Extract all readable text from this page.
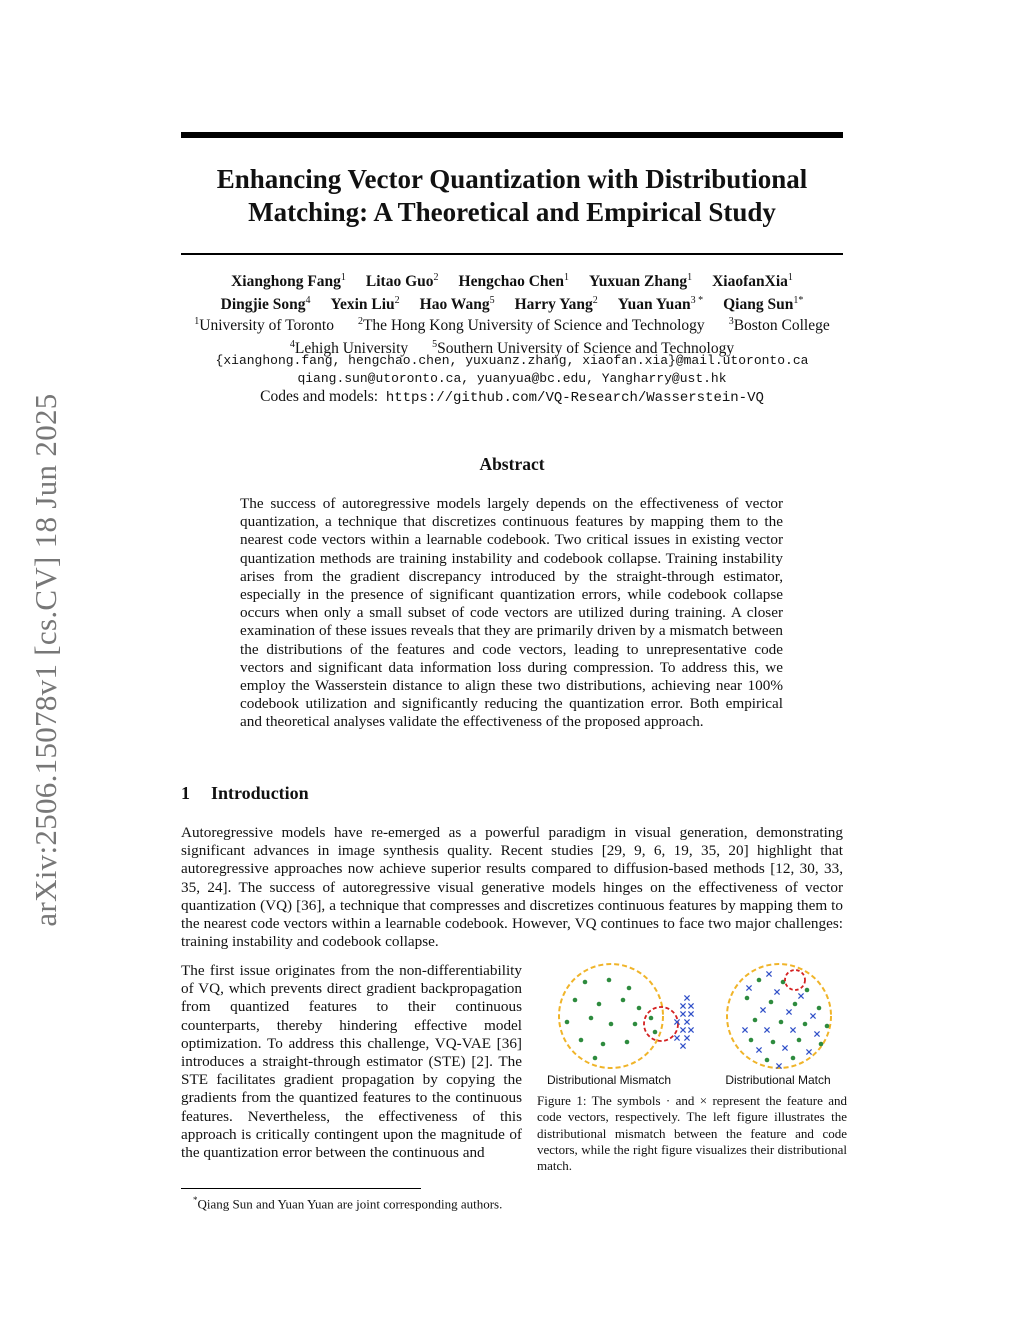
arXiv:2506.15078v1 [cs.CV] 18 Jun 2025
Enhancing Vector Quantization with Distributional
Matching: A Theoretical and Empirical Study
Xianghong Fang$^1$ Litao Guo$^2$ Hengchao Chen$^1$ Yuxuan Zhang$^1$ XiaofanXia$^1$
Dingjie Song$^4$ Yexin Liu$^2$ Hao Wang$^5$ Harry Yang$^2$ Yuan Yuan$^{3 *}$ Qiang Sun$^{1*}$
$^1$University of Toronto $^2$The Hong Kong University of Science and Technology $^3$Boston College
$^4$Lehigh University $^5$Southern University of Science and Technology
{xianghong.fang, hengchao.chen, yuxuanz.zhang, xiaofan.xia}@mail.utoronto.ca
qiang.sun@utoronto.ca, yuanyua@bc.edu, Yangharry@ust.hk
Codes and models: https://github.com/VQ-Research/Wasserstein-VQ
Abstract

The success of autoregressive models largely depends on the effectiveness of vector quantization, a technique that discretizes continuous features by mapping them to the nearest code vectors within a learnable codebook. Two critical issues in existing vector quantization methods are training instability and codebook collapse. Training instability arises from the gradient discrepancy introduced by the straight-through estimator, especially in the presence of significant quantization errors, while codebook collapse occurs when only a small subset of code vectors are utilized during training. A closer examination of these issues reveals that they are primarily driven by a mismatch between the distributions of the features and code vectors, leading to unrepresentative code vectors and significant data information loss during compression. To address this, we employ the Wasserstein distance to align these two distributions, achieving near 100% codebook utilization and significantly reducing the quantization error. Both empirical and theoretical analyses validate the effectiveness of the proposed approach.

1 Introduction

Autoregressive models have re-emerged as a powerful paradigm in visual generation, demonstrating significant advances in image synthesis quality. Recent studies [29, 9, 6, 19, 35, 20] highlight that autoregressive approaches now achieve superior results compared to diffusion-based methods [12, 30, 33, 35, 24]. The success of autoregressive visual generative models hinges on the effectiveness of vector quantization (VQ) [36], a technique that compresses and discretizes continuous features by mapping them to the nearest code vectors within a learnable codebook. However, VQ continues to face two major challenges: training instability and codebook collapse.

The first issue originates from the non-differentiability of VQ, which prevents direct gradient backpropagation from quantized features to their continuous counterparts, thereby hindering effective model optimization. To address this challenge, VQ-VAE [36] introduces a straight-through estimator (STE) [2]. The STE facilitates gradient propagation by copying the gradients from the quantized features to the continuous features. Nevertheless, the effectiveness of this approach is critically contingent upon the magnitude of the quantization error between the continuous and

Distributional Mismatch	Distributional Match

Figure 1: The symbols · and × represent the feature and code vectors, respectively. The left figure illustrates the distributional mismatch between the feature and code vectors, while the right figure visualizes their distributional match.

*Qiang Sun and Yuan Yuan are joint corresponding authors.
